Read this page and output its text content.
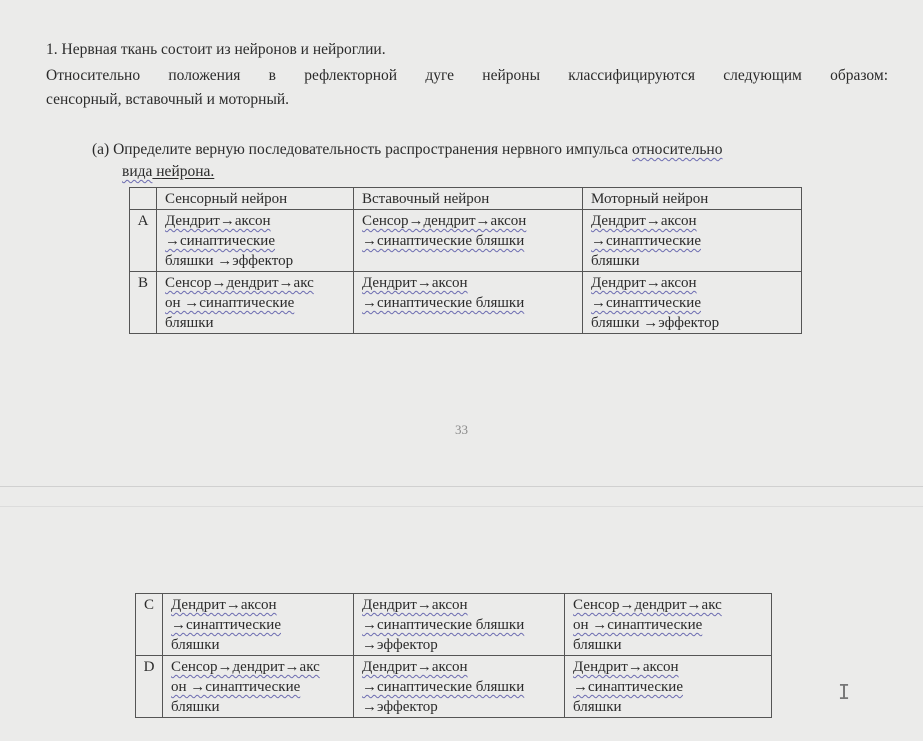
1. Нервная ткань состоит из нейронов и нейроглии.
Относительно положения в рефлекторной дуге нейроны классифицируются следующим образом:
сенсорный, вставочный и моторный.
(a) Определите верную последовательность распространения нервного импульса относительно
вида нейрона.
	Сенсорный нейрон	Вставочный нейрон	Моторный нейрон
A	Дендрит→аксон
→синаптические
бляшки →эффектор	Сенсор→дендрит→аксон
→синаптические бляшки	Дендрит→аксон
→синаптические
бляшки

B	Сенсор→дендрит→акс
он →синаптические
бляшки	Дендрит→аксон
→синаптические бляшки	Дендрит→аксон
→синаптические
бляшки →эффектор
33
C	Дендрит→аксон
→синаптические
бляшки	Дендрит→аксон
→синаптические бляшки
→эффектор	Сенсор→дендрит→акс
он →синаптические
бляшки

D	Сенсор→дендрит→акс
он →синаптические
бляшки	Дендрит→аксон
→синаптические бляшки
→эффектор	Дендрит→аксон
→синаптические
бляшки
I
